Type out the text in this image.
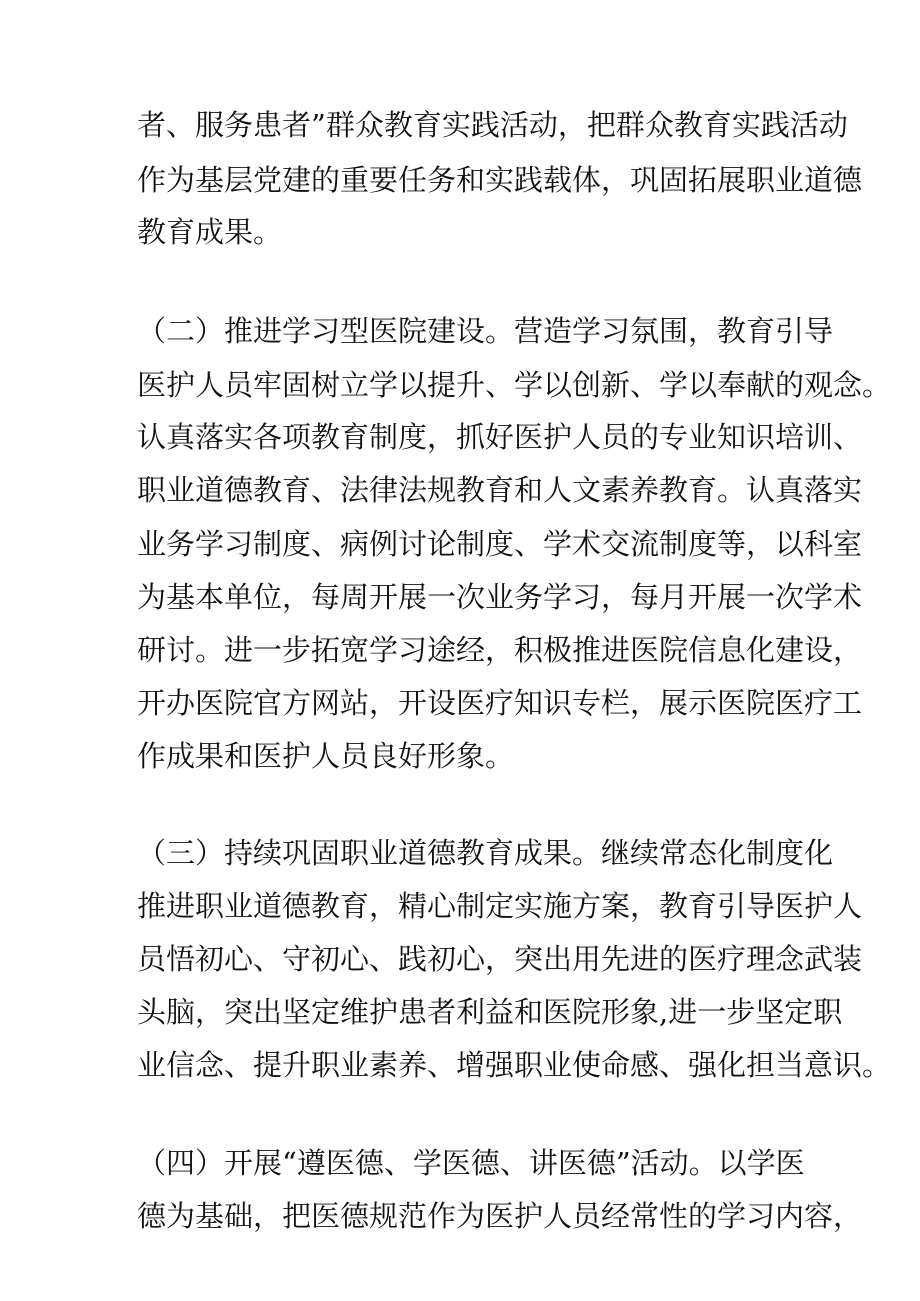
者、服务患者”群众教育实践活动，把群众教育实践活动
作为基层党建的重要任务和实践载体，巩固拓展职业道德
教育成果。
（二）推进学习型医院建设。营造学习氛围，教育引导
医护人员牢固树立学以提升、学以创新、学以奉献的观念。
认真落实各项教育制度，抓好医护人员的专业知识培训、
职业道德教育、法律法规教育和人文素养教育。认真落实
业务学习制度、病例讨论制度、学术交流制度等，以科室
为基本单位，每周开展一次业务学习，每月开展一次学术
研讨。进一步拓宽学习途经，积极推进医院信息化建设，
开办医院官方网站，开设医疗知识专栏，展示医院医疗工
作成果和医护人员良好形象。
（三）持续巩固职业道德教育成果。继续常态化制度化
推进职业道德教育，精心制定实施方案，教育引导医护人
员悟初心、守初心、践初心，突出用先进的医疗理念武装
头脑，突出坚定维护患者利益和医院形象,进一步坚定职
业信念、提升职业素养、增强职业使命感、强化担当意识。
（四）开展“遵医德、学医德、讲医德”活动。以学医
德为基础，把医德规范作为医护人员经常性的学习内容，
